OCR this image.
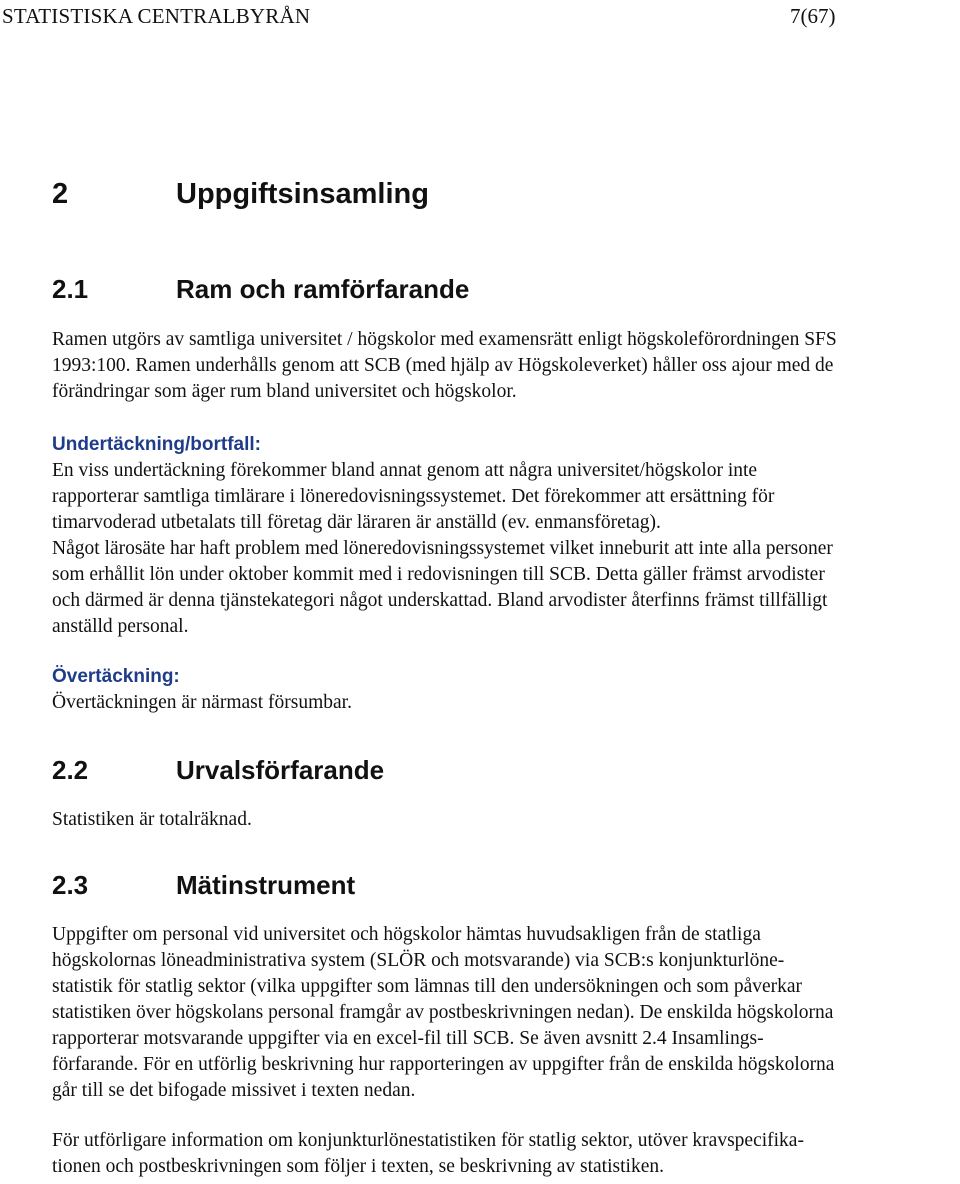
STATISTISKA CENTRALBYRÅN	7(67)
2	Uppgiftsinsamling
2.1	Ram och ramförfarande
Ramen utgörs av samtliga universitet / högskolor med examensrätt enligt högskoleförordningen SFS
1993:100. Ramen underhålls genom att SCB (med hjälp av Högskoleverket) håller oss ajour med de
förändringar som äger rum bland universitet och högskolor.
Undertäckning/bortfall:
En viss undertäckning förekommer bland annat genom att några universitet/högskolor inte
rapporterar samtliga timlärare i löneredovisningssystemet. Det förekommer att ersättning för
timarvoderad utbetalats till företag där läraren är anställd (ev. enmansföretag).
Något lärosäte har haft problem med löneredovisningssystemet vilket inneburit att inte alla personer
som erhållit lön under oktober kommit med i redovisningen till SCB. Detta gäller främst arvodister
och därmed är denna tjänstekategori något underskattad. Bland arvodister återfinns främst tillfälligt
anställd personal.
Övertäckning:
Övertäckningen är närmast försumbar.
2.2	Urvalsförfarande
Statistiken är totalräknad.
2.3	Mätinstrument
Uppgifter om personal vid universitet och högskolor hämtas huvudsakligen från de statliga
högskolornas löneadministrativa system (SLÖR och motsvarande) via SCB:s konjunkturlöne-
statistik för statlig sektor (vilka uppgifter som lämnas till den undersökningen och som påverkar
statistiken över högskolans personal framgår av postbeskrivningen nedan). De enskilda högskolorna
rapporterar motsvarande uppgifter via en excel-fil till SCB. Se även avsnitt 2.4 Insamlings-
förfarande. För en utförlig beskrivning hur rapporteringen av uppgifter från de enskilda högskolorna
går till se det bifogade missivet i texten nedan.
För utförligare information om konjunkturlönestatistiken för statlig sektor, utöver kravspecifika-
tionen och postbeskrivningen som följer i texten, se beskrivning av statistiken.
